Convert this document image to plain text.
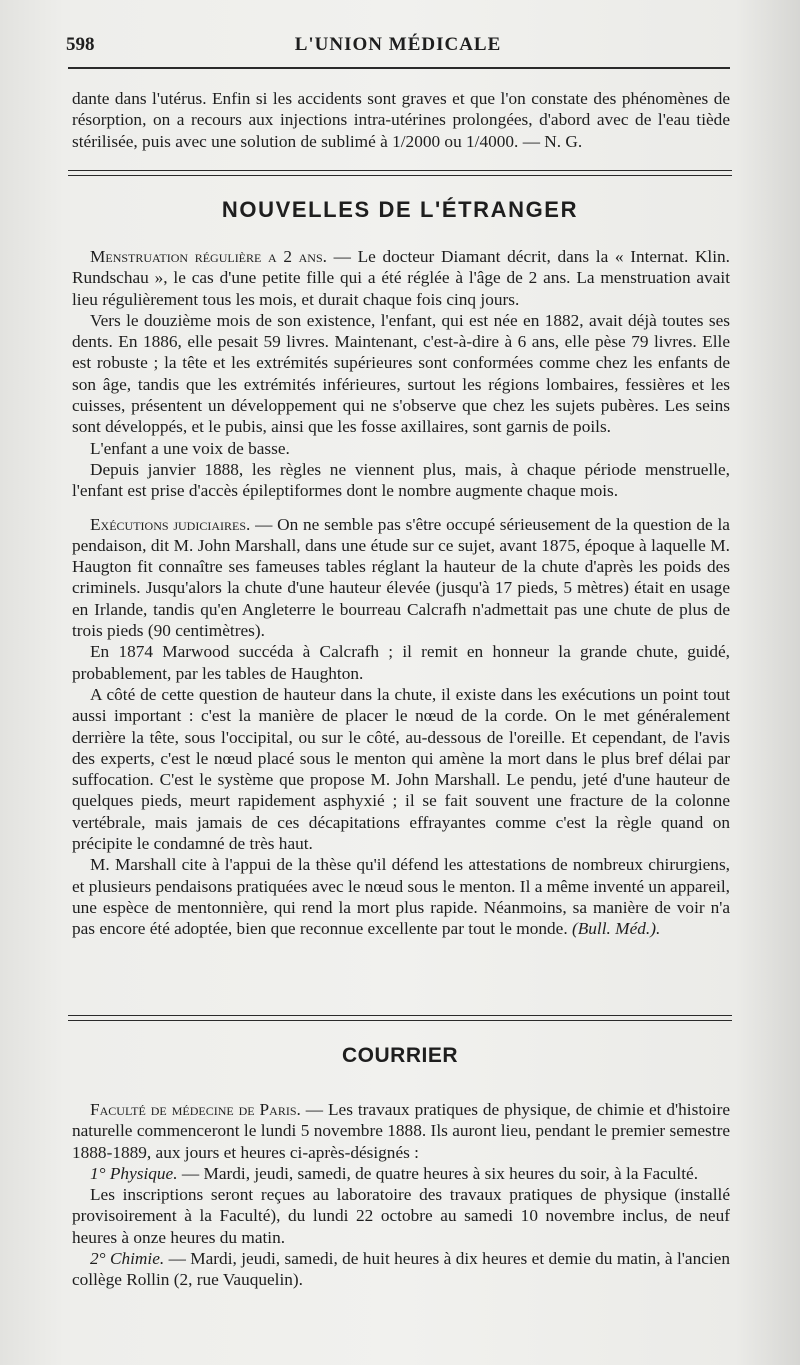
598	L'UNION MÉDICALE

dante dans l'utérus. Enfin si les accidents sont graves et que l'on constate des phénomènes de résorption, on a recours aux injections intra-utérines prolongées, d'abord avec de l'eau tiède stérilisée, puis avec une solution de sublimé à 1/2000 ou 1/4000. — N. G.

NOUVELLES DE L'ÉTRANGER

Menstruation régulière a 2 ans. — Le docteur Diamant décrit, dans la « Internat. Klin. Rundschau », le cas d'une petite fille qui a été réglée à l'âge de 2 ans. La menstruation avait lieu régulièrement tous les mois, et durait chaque fois cinq jours.

Vers le douzième mois de son existence, l'enfant, qui est née en 1882, avait déjà toutes ses dents. En 1886, elle pesait 59 livres. Maintenant, c'est-à-dire à 6 ans, elle pèse 79 livres. Elle est robuste ; la tête et les extrémités supérieures sont conformées comme chez les enfants de son âge, tandis que les extrémités inférieures, surtout les régions lombaires, fessières et les cuisses, présentent un développement qui ne s'observe que chez les sujets pubères. Les seins sont développés, et le pubis, ainsi que les fosse axillaires, sont garnis de poils.

L'enfant a une voix de basse.

Depuis janvier 1888, les règles ne viennent plus, mais, à chaque période menstruelle, l'enfant est prise d'accès épileptiformes dont le nombre augmente chaque mois.

Exécutions judiciaires. — On ne semble pas s'être occupé sérieusement de la question de la pendaison, dit M. John Marshall, dans une étude sur ce sujet, avant 1875, époque à laquelle M. Haugton fit connaître ses fameuses tables réglant la hauteur de la chute d'après les poids des criminels. Jusqu'alors la chute d'une hauteur élevée (jusqu'à 17 pieds, 5 mètres) était en usage en Irlande, tandis qu'en Angleterre le bourreau Calcrafh n'admettait pas une chute de plus de trois pieds (90 centimètres).

En 1874 Marwood succéda à Calcrafh ; il remit en honneur la grande chute, guidé, probablement, par les tables de Haughton.

A côté de cette question de hauteur dans la chute, il existe dans les exécutions un point tout aussi important : c'est la manière de placer le nœud de la corde. On le met généralement derrière la tête, sous l'occipital, ou sur le côté, au-dessous de l'oreille. Et cependant, de l'avis des experts, c'est le nœud placé sous le menton qui amène la mort dans le plus bref délai par suffocation. C'est le système que propose M. John Marshall. Le pendu, jeté d'une hauteur de quelques pieds, meurt rapidement asphyxié ; il se fait souvent une fracture de la colonne vertébrale, mais jamais de ces décapitations effrayantes comme c'est la règle quand on précipite le condamné de très haut.

M. Marshall cite à l'appui de la thèse qu'il défend les attestations de nombreux chirurgiens, et plusieurs pendaisons pratiquées avec le nœud sous le menton. Il a même inventé un appareil, une espèce de mentonnière, qui rend la mort plus rapide. Néanmoins, sa manière de voir n'a pas encore été adoptée, bien que reconnue excellente par tout le monde. (Bull. Méd.).

COURRIER

Faculté de médecine de Paris. — Les travaux pratiques de physique, de chimie et d'histoire naturelle commenceront le lundi 5 novembre 1888. Ils auront lieu, pendant le premier semestre 1888-1889, aux jours et heures ci-après-désignés :

1° Physique. — Mardi, jeudi, samedi, de quatre heures à six heures du soir, à la Faculté.

Les inscriptions seront reçues au laboratoire des travaux pratiques de physique (installé provisoirement à la Faculté), du lundi 22 octobre au samedi 10 novembre inclus, de neuf heures à onze heures du matin.

2° Chimie. — Mardi, jeudi, samedi, de huit heures à dix heures et demie du matin, à l'ancien collège Rollin (2, rue Vauquelin).
